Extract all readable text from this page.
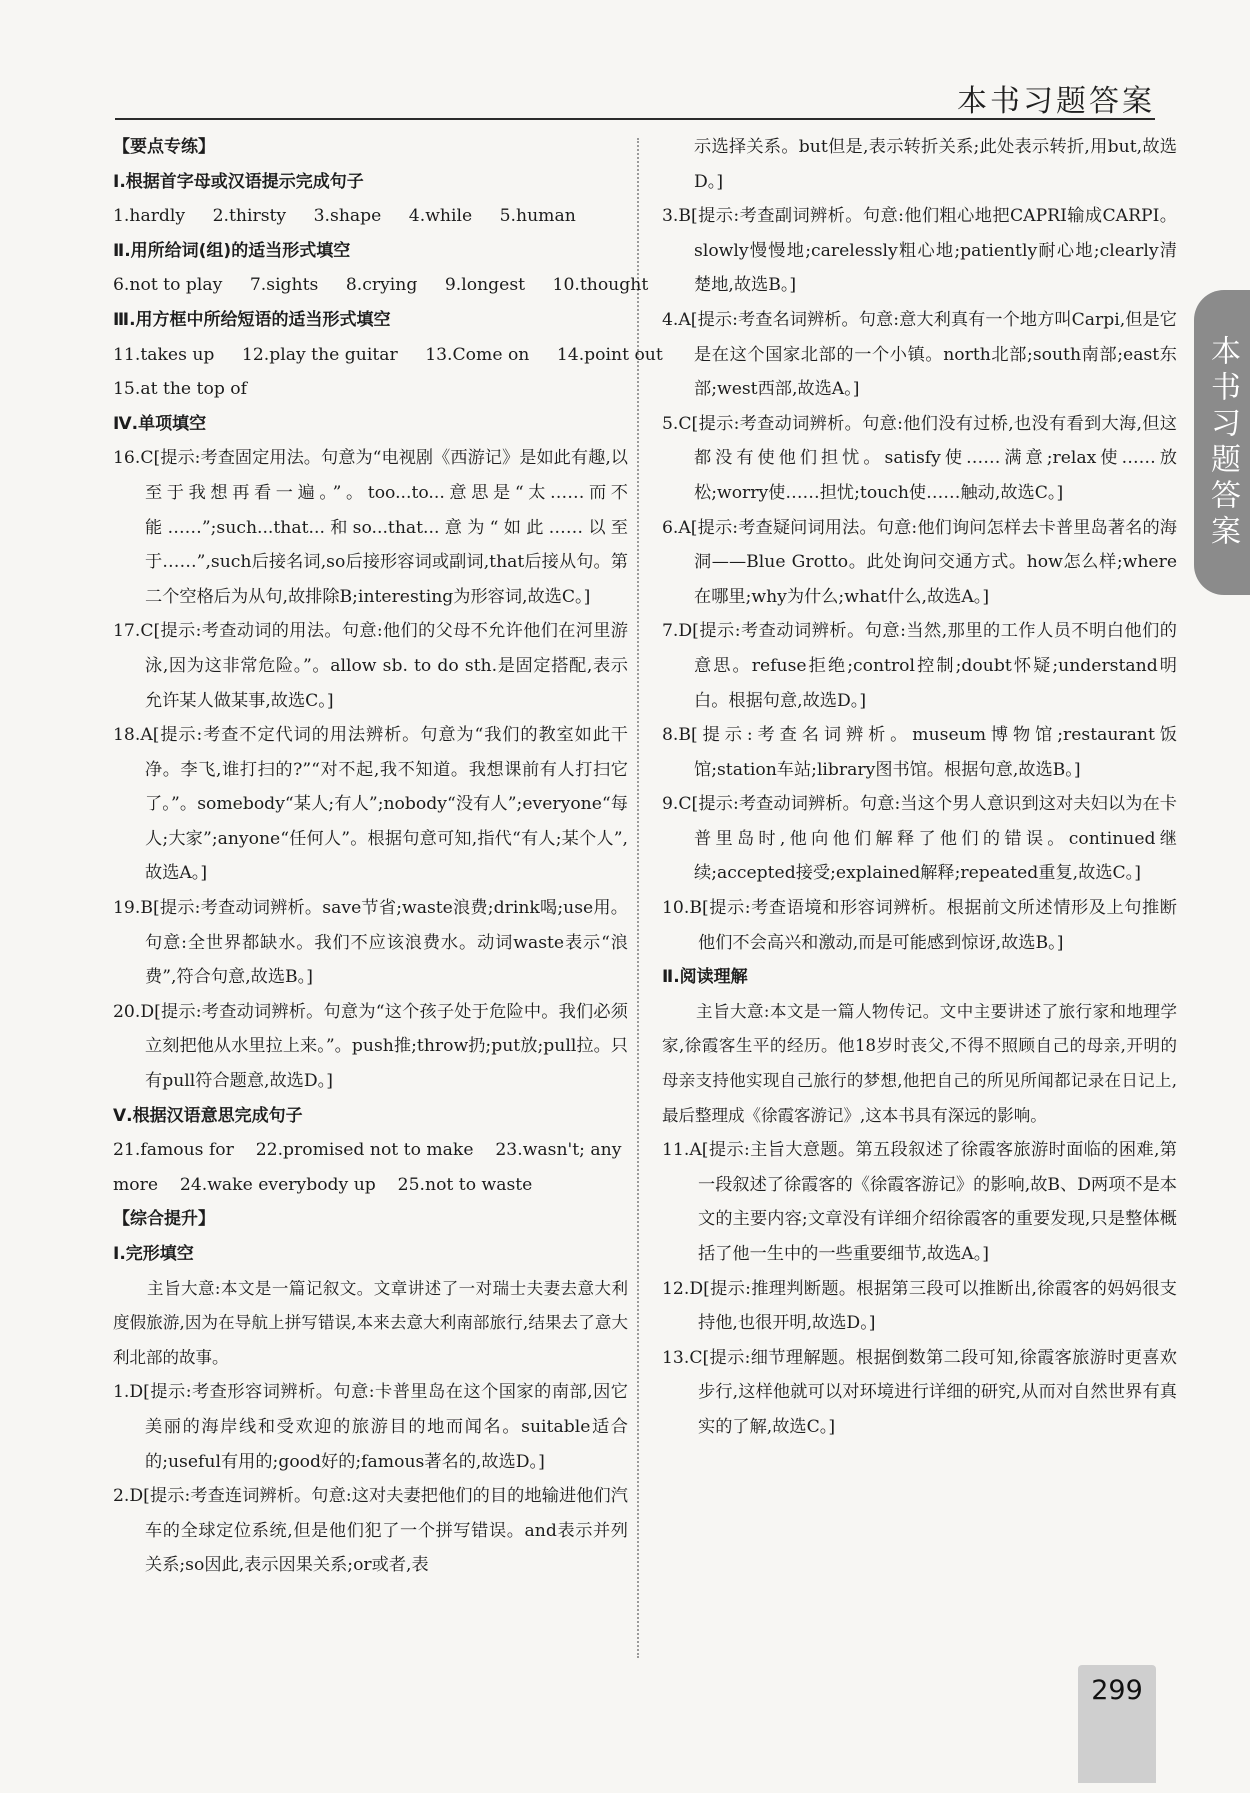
本书习题答案
本书习题答案

【要点专练】

Ⅰ.根据首字母或汉语提示完成句子

1.hardly 2.thirsty 3.shape 4.while 5.human

Ⅱ.用所给词(组)的适当形式填空

6.not to play 7.sights 8.crying 9.longest 10.thought

Ⅲ.用方框中所给短语的适当形式填空

11.takes up 12.play the guitar 13.Come on 14.point out

15.at the top of

Ⅳ.单项填空

16.C[提示:考查固定用法。句意为“电视剧《西游记》是如此有趣,以至于我想再看一遍。”。too...to...意思是“太……而不能……”;such...that...和so...that...意为“如此……以至于……”,such后接名词,so后接形容词或副词,that后接从句。第二个空格后为从句,故排除B;interesting为形容词,故选C。]

17.C[提示:考查动词的用法。句意:他们的父母不允许他们在河里游泳,因为这非常危险。”。allow sb. to do sth.是固定搭配,表示允许某人做某事,故选C。]

18.A[提示:考查不定代词的用法辨析。句意为“我们的教室如此干净。李飞,谁打扫的?”“对不起,我不知道。我想课前有人打扫它了。”。somebody“某人;有人”;nobody“没有人”;everyone“每人;大家”;anyone“任何人”。根据句意可知,指代“有人;某个人”,故选A。]

19.B[提示:考查动词辨析。save节省;waste浪费;drink喝;use用。句意:全世界都缺水。我们不应该浪费水。动词waste表示“浪费”,符合句意,故选B。]

20.D[提示:考查动词辨析。句意为“这个孩子处于危险中。我们必须立刻把他从水里拉上来。”。push推;throw扔;put放;pull拉。只有pull符合题意,故选D。]

Ⅴ.根据汉语意思完成句子

21.famous for    22.promised not to make    23.wasn't; any

more    24.wake everybody up    25.not to waste

【综合提升】

Ⅰ.完形填空

主旨大意:本文是一篇记叙文。文章讲述了一对瑞士夫妻去意大利度假旅游,因为在导航上拼写错误,本来去意大利南部旅行,结果去了意大利北部的故事。

1.D[提示:考查形容词辨析。句意:卡普里岛在这个国家的南部,因它美丽的海岸线和受欢迎的旅游目的地而闻名。suitable适合的;useful有用的;good好的;famous著名的,故选D。]

2.D[提示:考查连词辨析。句意:这对夫妻把他们的目的地输进他们汽车的全球定位系统,但是他们犯了一个拼写错误。and表示并列关系;so因此,表示因果关系;or或者,表

示选择关系。but但是,表示转折关系;此处表示转折,用but,故选D。]

3.B[提示:考查副词辨析。句意:他们粗心地把CAPRI输成CARPI。slowly慢慢地;carelessly粗心地;patiently耐心地;clearly清楚地,故选B。]

4.A[提示:考查名词辨析。句意:意大利真有一个地方叫Carpi,但是它是在这个国家北部的一个小镇。north北部;south南部;east东部;west西部,故选A。]

5.C[提示:考查动词辨析。句意:他们没有过桥,也没有看到大海,但这都没有使他们担忧。satisfy使……满意;relax使……放松;worry使……担忧;touch使……触动,故选C。]

6.A[提示:考查疑问词用法。句意:他们询问怎样去卡普里岛著名的海洞——Blue Grotto。此处询问交通方式。how怎么样;where在哪里;why为什么;what什么,故选A。]

7.D[提示:考查动词辨析。句意:当然,那里的工作人员不明白他们的意思。refuse拒绝;control控制;doubt怀疑;understand明白。根据句意,故选D。]

8.B[提示:考查名词辨析。museum博物馆;restaurant饭馆;station车站;library图书馆。根据句意,故选B。]

9.C[提示:考查动词辨析。句意:当这个男人意识到这对夫妇以为在卡普里岛时,他向他们解释了他们的错误。continued继续;accepted接受;explained解释;repeated重复,故选C。]

10.B[提示:考查语境和形容词辨析。根据前文所述情形及上句推断他们不会高兴和激动,而是可能感到惊讶,故选B。]

Ⅱ.阅读理解

主旨大意:本文是一篇人物传记。文中主要讲述了旅行家和地理学家,徐霞客生平的经历。他18岁时丧父,不得不照顾自己的母亲,开明的母亲支持他实现自己旅行的梦想,他把自己的所见所闻都记录在日记上,最后整理成《徐霞客游记》,这本书具有深远的影响。

11.A[提示:主旨大意题。第五段叙述了徐霞客旅游时面临的困难,第一段叙述了徐霞客的《徐霞客游记》的影响,故B、D两项不是本文的主要内容;文章没有详细介绍徐霞客的重要发现,只是整体概括了他一生中的一些重要细节,故选A。]

12.D[提示:推理判断题。根据第三段可以推断出,徐霞客的妈妈很支持他,也很开明,故选D。]

13.C[提示:细节理解题。根据倒数第二段可知,徐霞客旅游时更喜欢步行,这样他就可以对环境进行详细的研究,从而对自然世界有真实的了解,故选C。]

299
